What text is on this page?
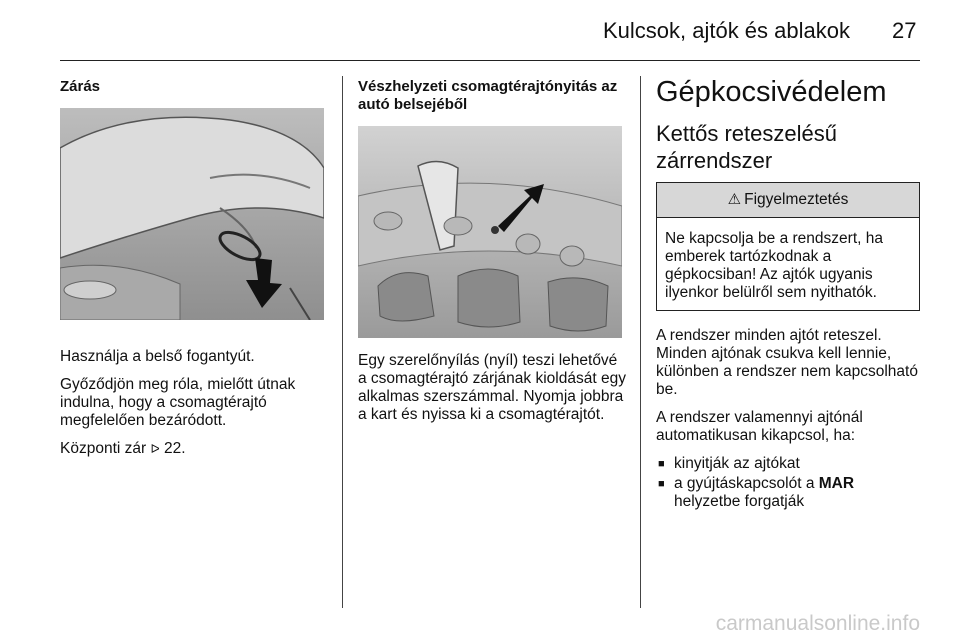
Kulcsok, ajtók és ablakok 27
Zárás

Használja a belső fogantyút.

Győződjön meg róla, mielőtt útnak indulna, hogy a csomagtérajtó megfelelően bezáródott.

Központi zár ᐅ 22.

Vészhelyzeti csomagtérajtónyitás az autó belsejéből

Egy szerelőnyílás (nyíl) teszi lehetővé a csomagtérajtó zárjának kioldását egy alkalmas szerszámmal. Nyomja jobbra a kart és nyissa ki a csomagtérajtót.

Gépkocsivédelem
Kettős reteszelésű zárrendszer
⚠ Figyelmeztetés
Ne kapcsolja be a rendszert, ha emberek tartózkodnak a gépkocsiban! Az ajtók ugyanis ilyenkor belülről sem nyithatók.

A rendszer minden ajtót reteszel. Minden ajtónak csukva kell lennie, különben a rendszer nem kapcsolható be.

A rendszer valamennyi ajtónál automatikusan kikapcsol, ha:

■ kinyitják az ajtókat
■ a gyújtáskapcsolót a MAR helyzetbe forgatják
carmanualsonline.info
